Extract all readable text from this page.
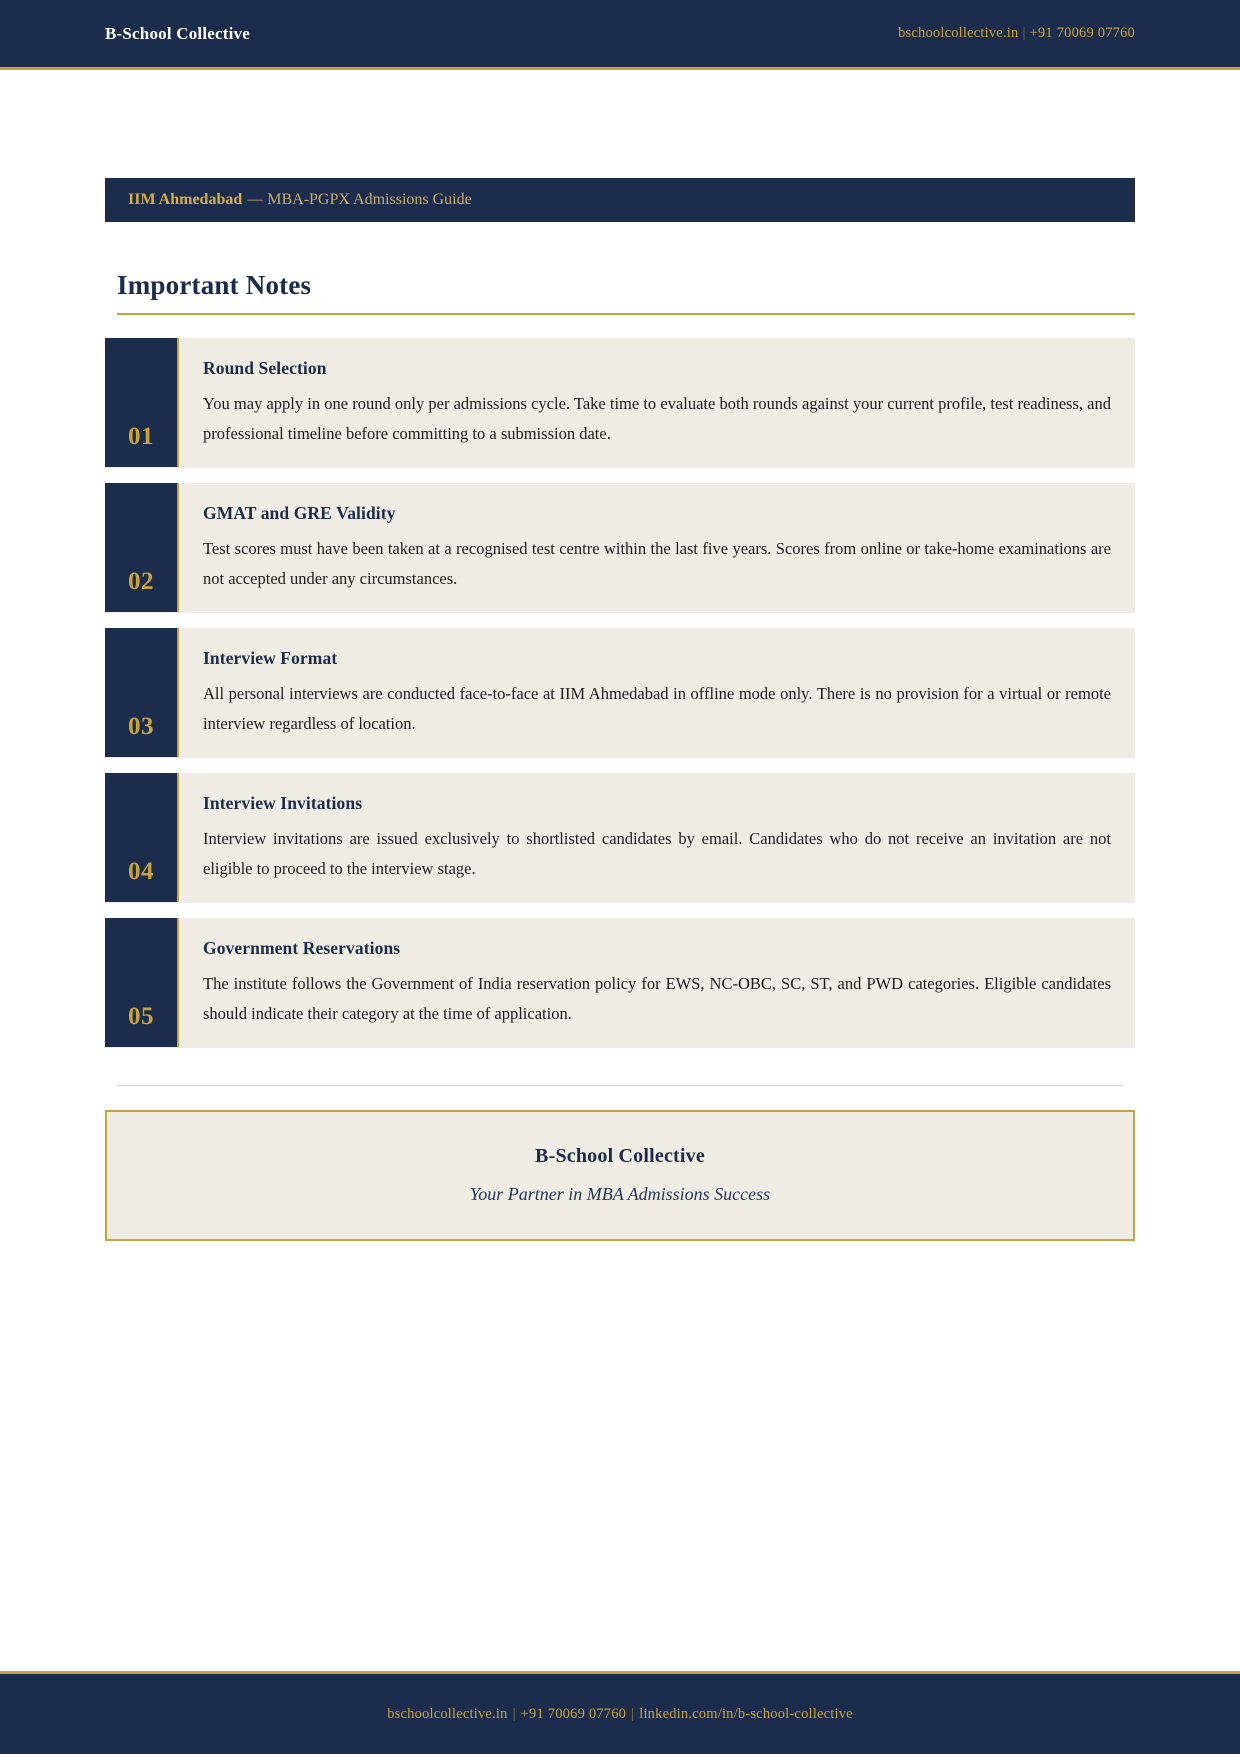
B-School Collective	bschoolcollective.in | +91 70069 07760
IIM Ahmedabad — MBA-PGPX Admissions Guide
Important Notes
01
Round Selection
You may apply in one round only per admissions cycle. Take time to evaluate both rounds against your current profile, test readiness, and professional timeline before committing to a submission date.
02
GMAT and GRE Validity
Test scores must have been taken at a recognised test centre within the last five years. Scores from online or take-home examinations are not accepted under any circumstances.
03
Interview Format
All personal interviews are conducted face-to-face at IIM Ahmedabad in offline mode only. There is no provision for a virtual or remote interview regardless of location.
04
Interview Invitations
Interview invitations are issued exclusively to shortlisted candidates by email. Candidates who do not receive an invitation are not eligible to proceed to the interview stage.
05
Government Reservations
The institute follows the Government of India reservation policy for EWS, NC-OBC, SC, ST, and PWD categories. Eligible candidates should indicate their category at the time of application.
B-School Collective
Your Partner in MBA Admissions Success
bschoolcollective.in | +91 70069 07760 | linkedin.com/in/b-school-collective
